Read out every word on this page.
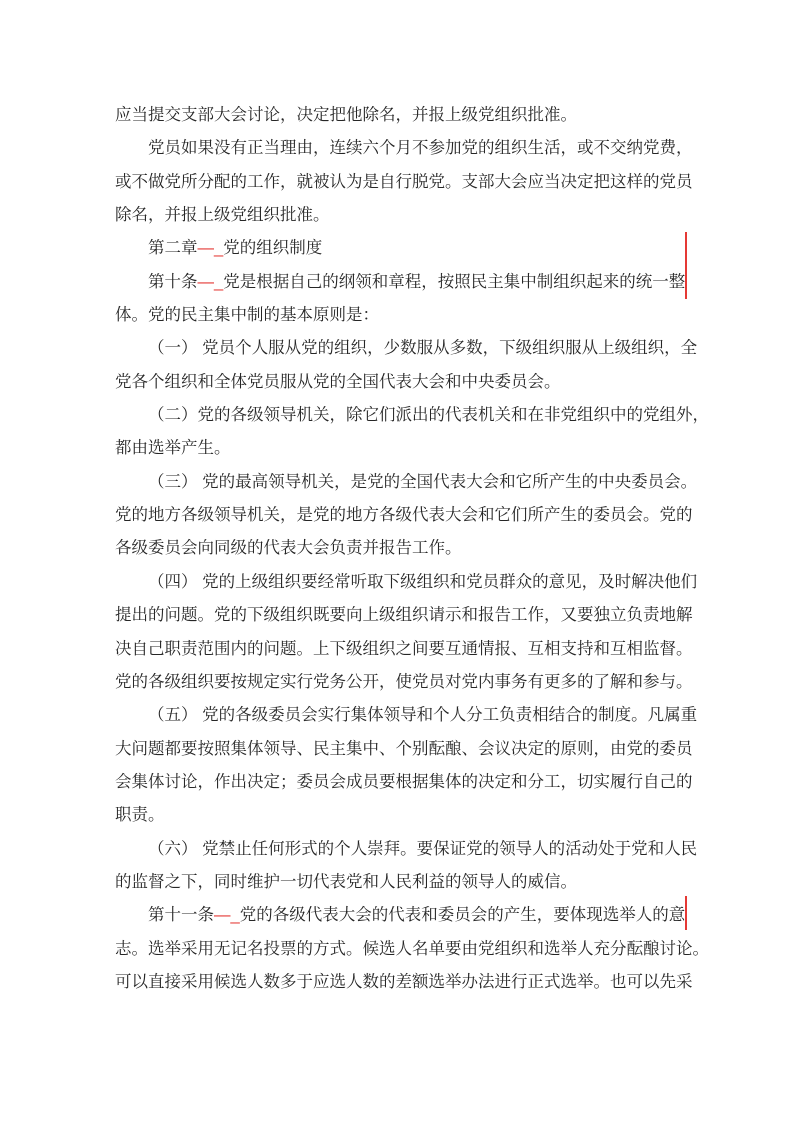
应当提交支部大会讨论，决定把他除名，并报上级党组织批准。
党员如果没有正当理由，连续六个月不参加党的组织生活，或不交纳党费，
或不做党所分配的工作，就被认为是自行脱党。支部大会应当决定把这样的党员
除名，并报上级党组织批准。
第二章—_党的组织制度
第十条—_党是根据自己的纲领和章程，按照民主集中制组织起来的统一整
体。党的民主集中制的基本原则是：
（一） 党员个人服从党的组织，少数服从多数，下级组织服从上级组织，全
党各个组织和全体党员服从党的全国代表大会和中央委员会。
（二）党的各级领导机关，除它们派出的代表机关和在非党组织中的党组外，
都由选举产生。
（三） 党的最高领导机关，是党的全国代表大会和它所产生的中央委员会。
党的地方各级领导机关，是党的地方各级代表大会和它们所产生的委员会。党的
各级委员会向同级的代表大会负责并报告工作。
（四） 党的上级组织要经常听取下级组织和党员群众的意见，及时解决他们
提出的问题。党的下级组织既要向上级组织请示和报告工作，又要独立负责地解
决自己职责范围内的问题。上下级组织之间要互通情报、互相支持和互相监督。
党的各级组织要按规定实行党务公开，使党员对党内事务有更多的了解和参与。
（五） 党的各级委员会实行集体领导和个人分工负责相结合的制度。凡属重
大问题都要按照集体领导、民主集中、个别酝酿、会议决定的原则，由党的委员
会集体讨论，作出决定；委员会成员要根据集体的决定和分工，切实履行自己的
职责。
（六） 党禁止任何形式的个人崇拜。要保证党的领导人的活动处于党和人民
的监督之下，同时维护一切代表党和人民利益的领导人的威信。
第十一条—_党的各级代表大会的代表和委员会的产生，要体现选举人的意
志。选举采用无记名投票的方式。候选人名单要由党组织和选举人充分酝酿讨论。
可以直接采用候选人数多于应选人数的差额选举办法进行正式选举。也可以先采
